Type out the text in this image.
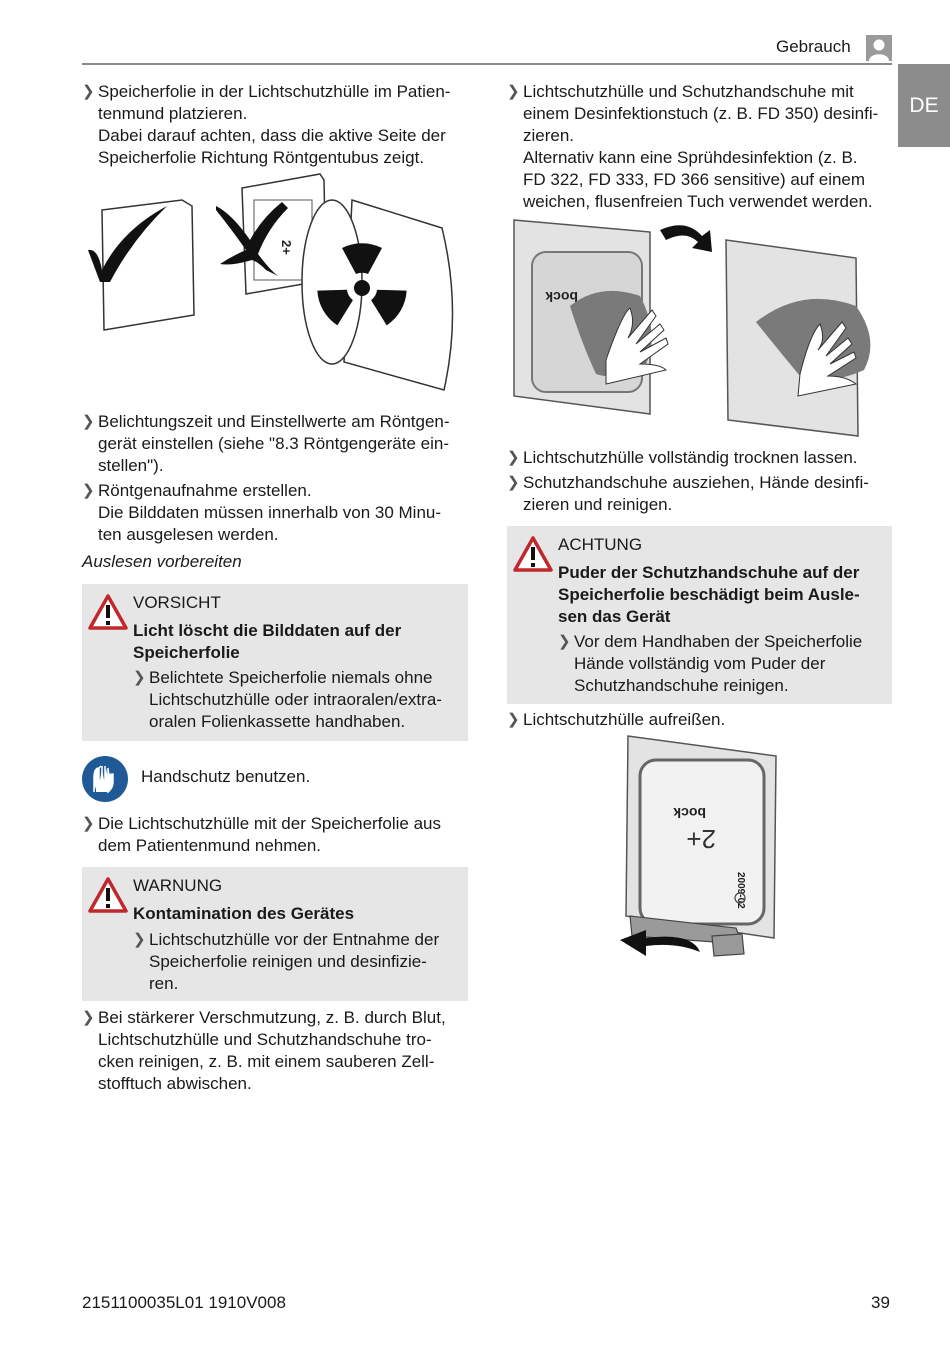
Gebrauch
DE

❯ Speicherfolie in der Lichtschutzhülle im Patien-
tenmund platzieren.
Dabei darauf achten, dass die aktive Seite der
Speicherfolie Richtung Röntgentubus zeigt.

2+

❯ Belichtungszeit und Einstellwerte am Röntgen-
gerät einstellen (siehe "8.3 Röntgengeräte ein-
stellen").

❯ Röntgenaufnahme erstellen.
Die Bilddaten müssen innerhalb von 30 Minu-
ten ausgelesen werden.

Auslesen vorbereiten
VORSICHT
Licht löscht die Bilddaten auf der
Speicherfolie
❯ Belichtete Speicherfolie niemals ohne
Lichtschutzhülle oder intraoralen/extra-
oralen Folienkassette handhaben.
Handschutz benutzen.

❯ Die Lichtschutzhülle mit der Speicherfolie aus
dem Patientenmund nehmen.

WARNUNG
Kontamination des Gerätes
❯ Lichtschutzhülle vor der Entnahme der
Speicherfolie reinigen und desinfizie-
ren.

❯ Bei stärkerer Verschmutzung, z. B. durch Blut,
Lichtschutzhülle und Schutzhandschuhe tro-
cken reinigen, z. B. mit einem sauberen Zell-
stofftuch abwischen.

❯ Lichtschutzhülle und Schutzhandschuhe mit
einem Desinfektionstuch (z. B. FD 350) desinfi-
zieren.
Alternativ kann eine Sprühdesinfektion (z. B.
FD 322, FD 333, FD 366 sensitive) auf einem
weichen, flusenfreien Tuch verwendet werden.

bock

❯ Lichtschutzhülle vollständig trocknen lassen.

❯ Schutzhandschuhe ausziehen, Hände desinfi-
zieren und reinigen.

ACHTUNG
Puder der Schutzhandschuhe auf der
Speicherfolie beschädigt beim Ausle-
sen das Gerät
❯ Vor dem Handhaben der Speicherfolie
Hände vollständig vom Puder der
Schutzhandschuhe reinigen.

❯ Lichtschutzhülle aufreißen.

bock
2+
2009-02
2151100035L01 1910V008	39
